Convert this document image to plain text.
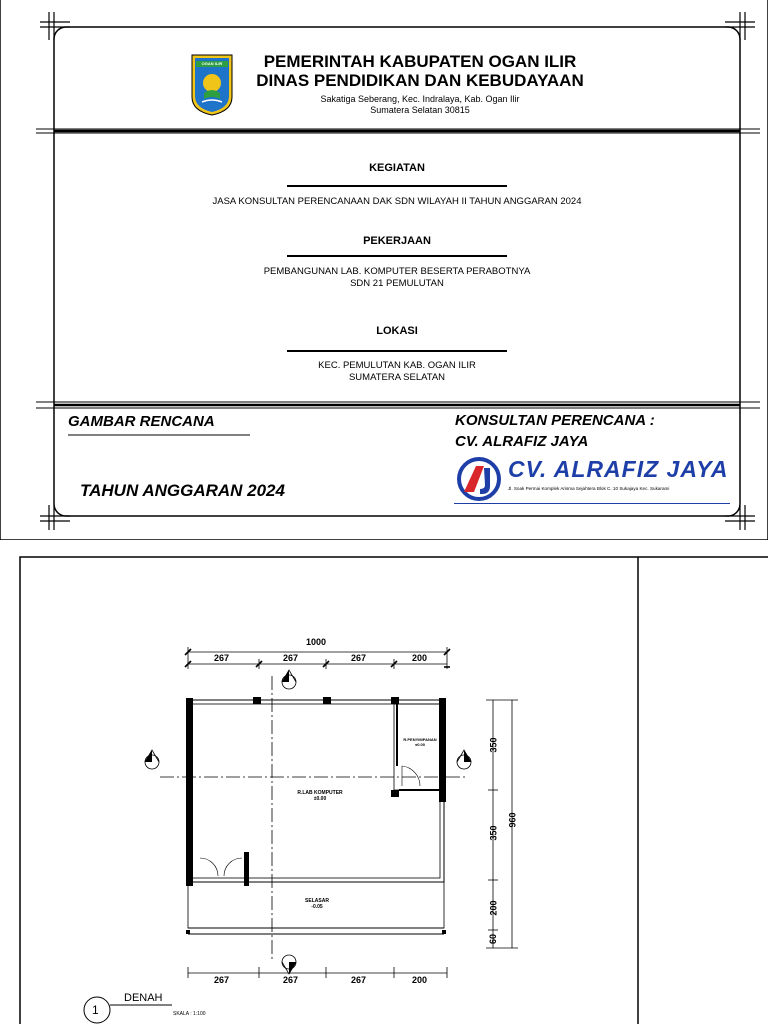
OGAN ILIR	PEMERINTAH KABUPATEN OGAN ILIR
DINAS PENDIDIKAN DAN KEBUDAYAAN
Sakatiga Seberang, Kec. Indralaya, Kab. Ogan Ilir
Sumatera Selatan 30815
KEGIATAN
JASA KONSULTAN PERENCANAAN DAK SDN WILAYAH II TAHUN ANGGARAN 2024
PEKERJAAN
PEMBANGUNAN LAB. KOMPUTER BESERTA PERABOTNYA
SDN 21 PEMULUTAN
LOKASI
KEC. PEMULUTAN KAB. OGAN ILIR
SUMATERA SELATAN
GAMBAR RENCANA
TAHUN ANGGARAN 2024
KONSULTAN PERENCANA :
CV. ALRAFIZ JAYA
CV. ALRAFIZ JAYA
Jl. Soak Permai Komplek Arisma Sejahtera Blok C. 10 Sukajaya Kec. Sukarami
1000
267	267	267	200
267	267	267	200
350
350
200
60
960
R.LAB KOMPUTER
±0.00
R.PENYIMPANAN
±0.00
SELASAR
-0.05
1
DENAH
SKALA : 1:100
